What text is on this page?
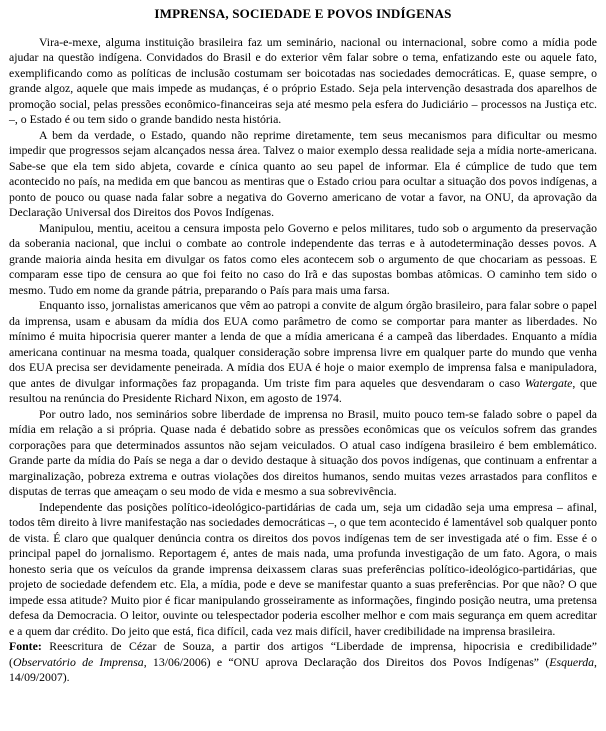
IMPRENSA, SOCIEDADE E POVOS INDÍGENAS

Vira-e-mexe, alguma instituição brasileira faz um seminário, nacional ou internacional, sobre como a mídia pode ajudar na questão indígena. Convidados do Brasil e do exterior vêm falar sobre o tema, enfatizando este ou aquele fato, exemplificando como as políticas de inclusão costumam ser boicotadas nas sociedades democráticas. E, quase sempre, o grande algoz, aquele que mais impede as mudanças, é o próprio Estado. Seja pela intervenção desastrada dos aparelhos de promoção social, pelas pressões econômico-financeiras seja até mesmo pela esfera do Judiciário – processos na Justiça etc. –, o Estado é ou tem sido o grande bandido nesta história.

A bem da verdade, o Estado, quando não reprime diretamente, tem seus mecanismos para dificultar ou mesmo impedir que progressos sejam alcançados nessa área. Talvez o maior exemplo dessa realidade seja a mídia norte-americana. Sabe-se que ela tem sido abjeta, covarde e cínica quanto ao seu papel de informar. Ela é cúmplice de tudo que tem acontecido no país, na medida em que bancou as mentiras que o Estado criou para ocultar a situação dos povos indígenas, a ponto de pouco ou quase nada falar sobre a negativa do Governo americano de votar a favor, na ONU, da aprovação da Declaração Universal dos Direitos dos Povos Indígenas.

Manipulou, mentiu, aceitou a censura imposta pelo Governo e pelos militares, tudo sob o argumento da preservação da soberania nacional, que inclui o combate ao controle independente das terras e à autodeterminação desses povos. A grande maioria ainda hesita em divulgar os fatos como eles acontecem sob o argumento de que chocariam as pessoas. E comparam esse tipo de censura ao que foi feito no caso do Irã e das supostas bombas atômicas. O caminho tem sido o mesmo. Tudo em nome da grande pátria, preparando o País para mais uma farsa.

Enquanto isso, jornalistas americanos que vêm ao patropi a convite de algum órgão brasileiro, para falar sobre o papel da imprensa, usam e abusam da mídia dos EUA como parâmetro de como se comportar para manter as liberdades. No mínimo é muita hipocrisia querer manter a lenda de que a mídia americana é a campeã das liberdades. Enquanto a mídia americana continuar na mesma toada, qualquer consideração sobre imprensa livre em qualquer parte do mundo que venha dos EUA precisa ser devidamente peneirada. A mídia dos EUA é hoje o maior exemplo de imprensa falsa e manipuladora, que antes de divulgar informações faz propaganda. Um triste fim para aqueles que desvendaram o caso Watergate, que resultou na renúncia do Presidente Richard Nixon, em agosto de 1974.

Por outro lado, nos seminários sobre liberdade de imprensa no Brasil, muito pouco tem-se falado sobre o papel da mídia em relação a si própria. Quase nada é debatido sobre as pressões econômicas que os veículos sofrem das grandes corporações para que determinados assuntos não sejam veiculados. O atual caso indígena brasileiro é bem emblemático. Grande parte da mídia do País se nega a dar o devido destaque à situação dos povos indígenas, que continuam a enfrentar a marginalização, pobreza extrema e outras violações dos direitos humanos, sendo muitas vezes arrastados para conflitos e disputas de terras que ameaçam o seu modo de vida e mesmo a sua sobrevivência.

Independente das posições político-ideológico-partidárias de cada um, seja um cidadão seja uma empresa – afinal, todos têm direito à livre manifestação nas sociedades democráticas –, o que tem acontecido é lamentável sob qualquer ponto de vista. É claro que qualquer denúncia contra os direitos dos povos indígenas tem de ser investigada até o fim. Esse é o principal papel do jornalismo. Reportagem é, antes de mais nada, uma profunda investigação de um fato. Agora, o mais honesto seria que os veículos da grande imprensa deixassem claras suas preferências político-ideológico-partidárias, que projeto de sociedade defendem etc. Ela, a mídia, pode e deve se manifestar quanto a suas preferências. Por que não? O que impede essa atitude? Muito pior é ficar manipulando grosseiramente as informações, fingindo posição neutra, uma pretensa defesa da Democracia. O leitor, ouvinte ou telespectador poderia escolher melhor e com mais segurança em quem acreditar e a quem dar crédito. Do jeito que está, fica difícil, cada vez mais difícil, haver credibilidade na imprensa brasileira.

Fonte: Reescritura de Cézar de Souza, a partir dos artigos “Liberdade de imprensa, hipocrisia e credibilidade” (Observatório de Imprensa, 13/06/2006) e “ONU aprova Declaração dos Direitos dos Povos Indígenas” (Esquerda, 14/09/2007).
